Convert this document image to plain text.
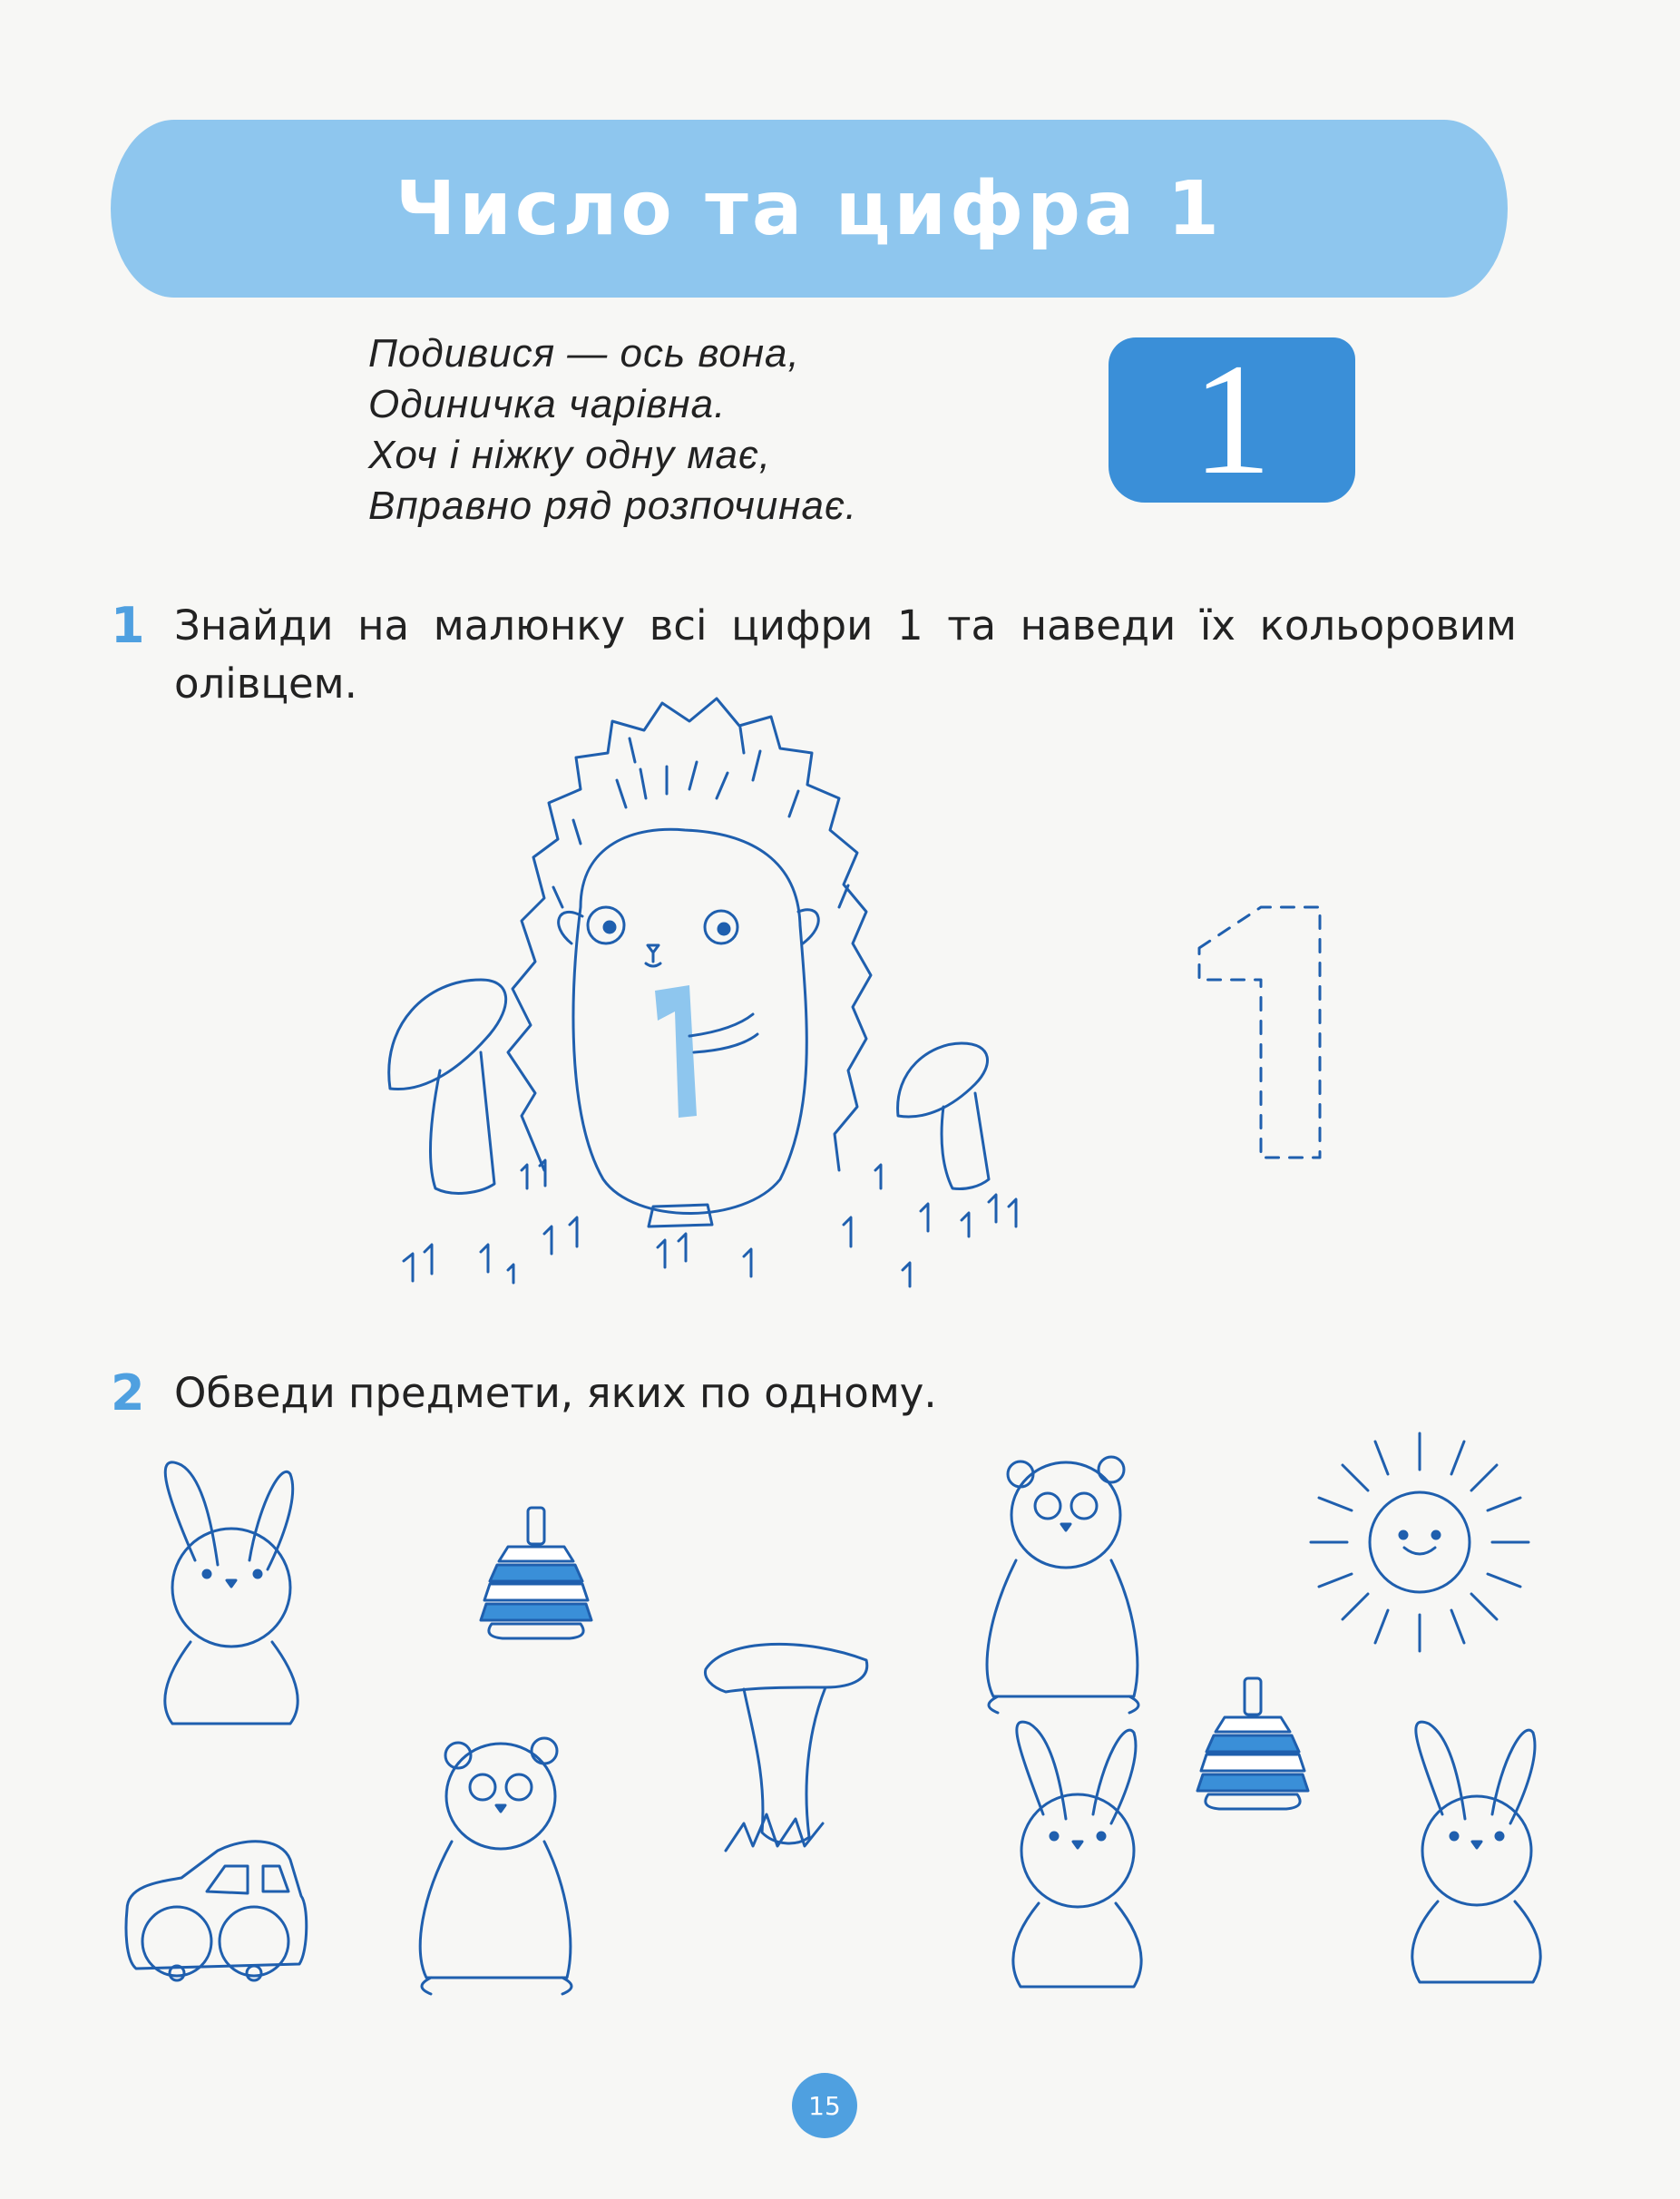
Число та цифра 1
Подивися — ось вона,
Одиничка чарівна.
Хоч і ніжку одну має,
Вправно ряд розпочинає. 1
1 Знайди на малюнку всі цифри 1 та наведи їх кольоровим олівцем.
2 Обведи предмети, яких по одному.
15
